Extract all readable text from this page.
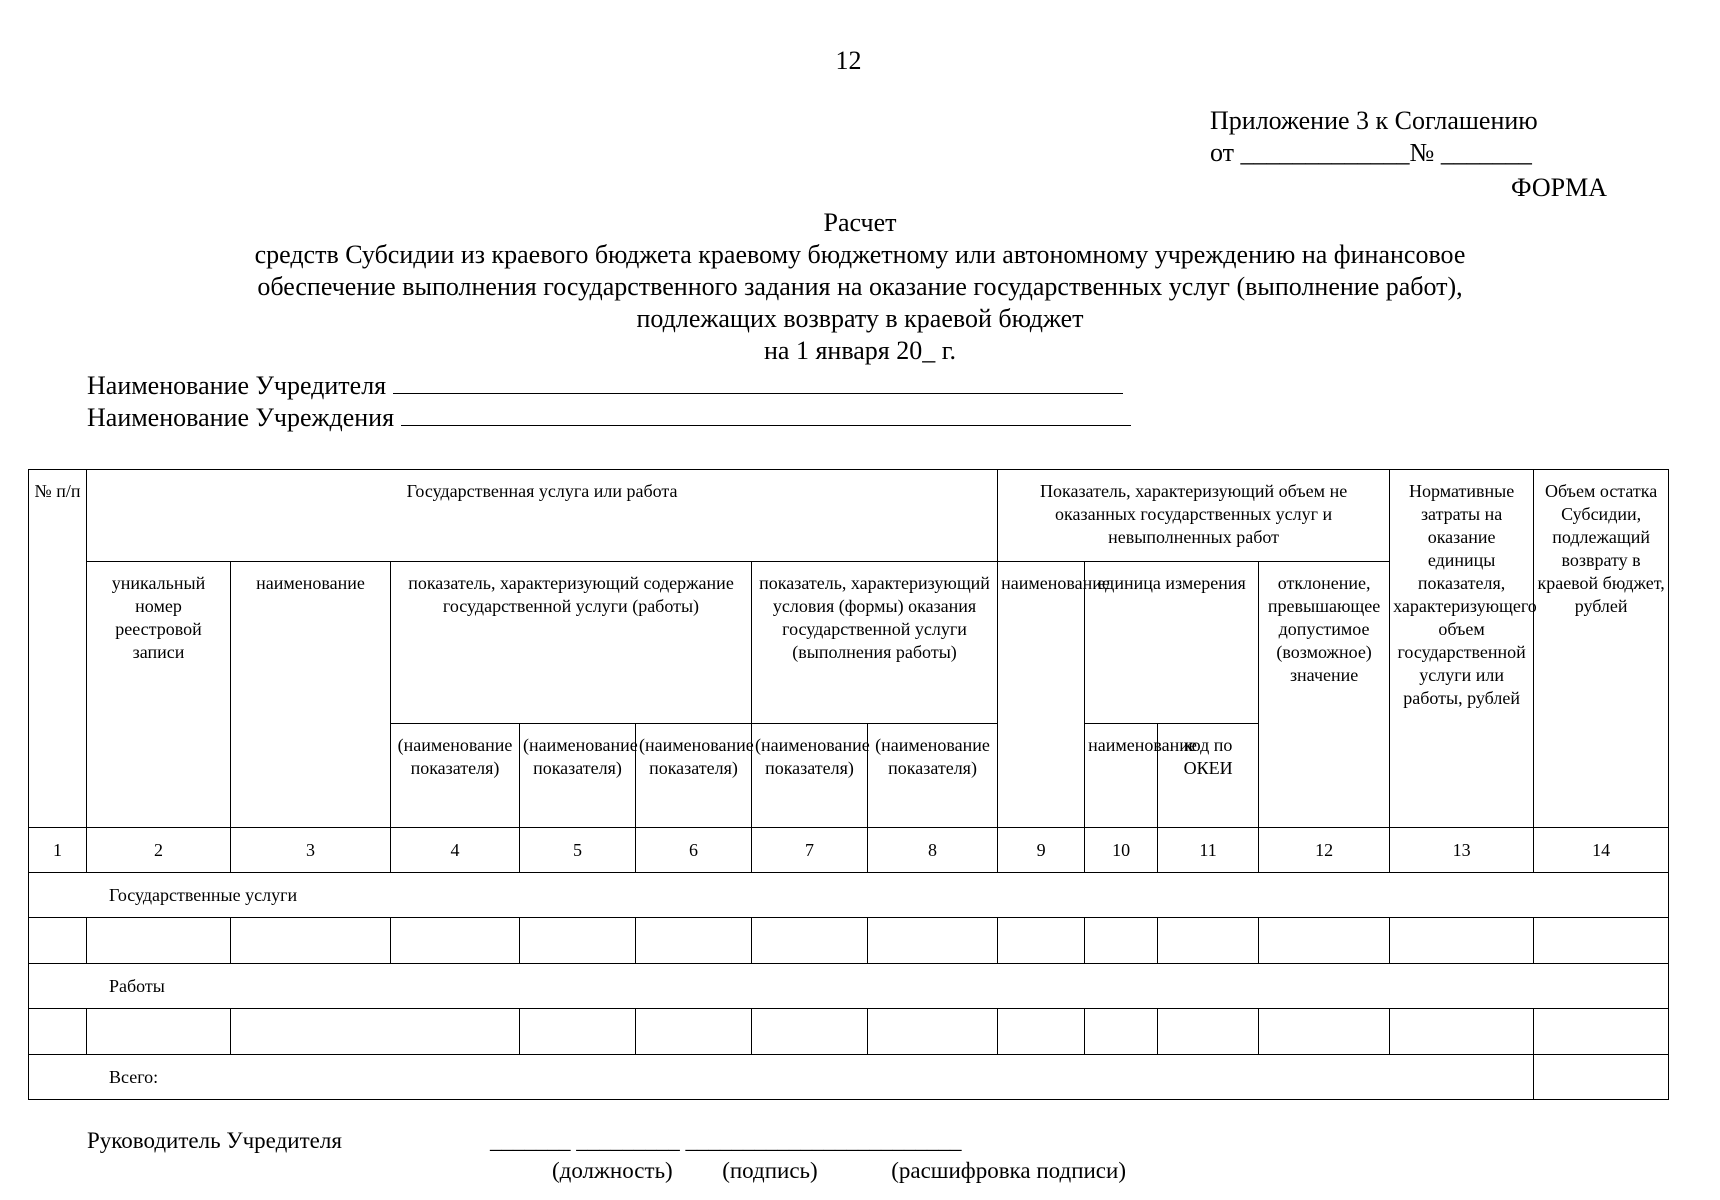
12
Приложение 3 к Соглашению
от _____________№ _______
ФОРМА
Расчет
средств Субсидии из краевого бюджета краевому бюджетному или автономному учреждению на финансовое
обеспечение выполнения государственного задания на оказание государственных услуг (выполнение работ),
подлежащих возврату в краевой бюджет
на 1 января 20_ г.
Наименование Учредителя
Наименование Учреждения
№ п/п	Государственная услуга или работа							Показатель, характеризующий объем не оказанных государственных услуг и невыполненных работ				Нормативные затраты на оказание единицы показателя, характеризующего объем государственной услуги или работы, рублей	Объем остатка Субсидии, подлежащий возврату в краевой бюджет, рублей
	уникальный номер реестровой записи	наименование	показатель, характеризующий содержание государственной услуги (работы)			показатель, характеризующий условия (формы) оказания государственной услуги (выполнения работы)		наименование	единица измерения		отклонение, превышающее допустимое (возможное) значение		
			(наименование показателя)	(наименование показателя)	(наименование показателя)	(наименование показателя)	(наименование показателя)		наименование	код по ОКЕИ			
1	2	3	4	5	6	7	8	9	10	11	12	13	14
Государственные услуги													

Работы													

Всего:													
Руководитель Учредителя	_______ _________ ________________________
(должность) (подпись)	(расшифровка подписи)
